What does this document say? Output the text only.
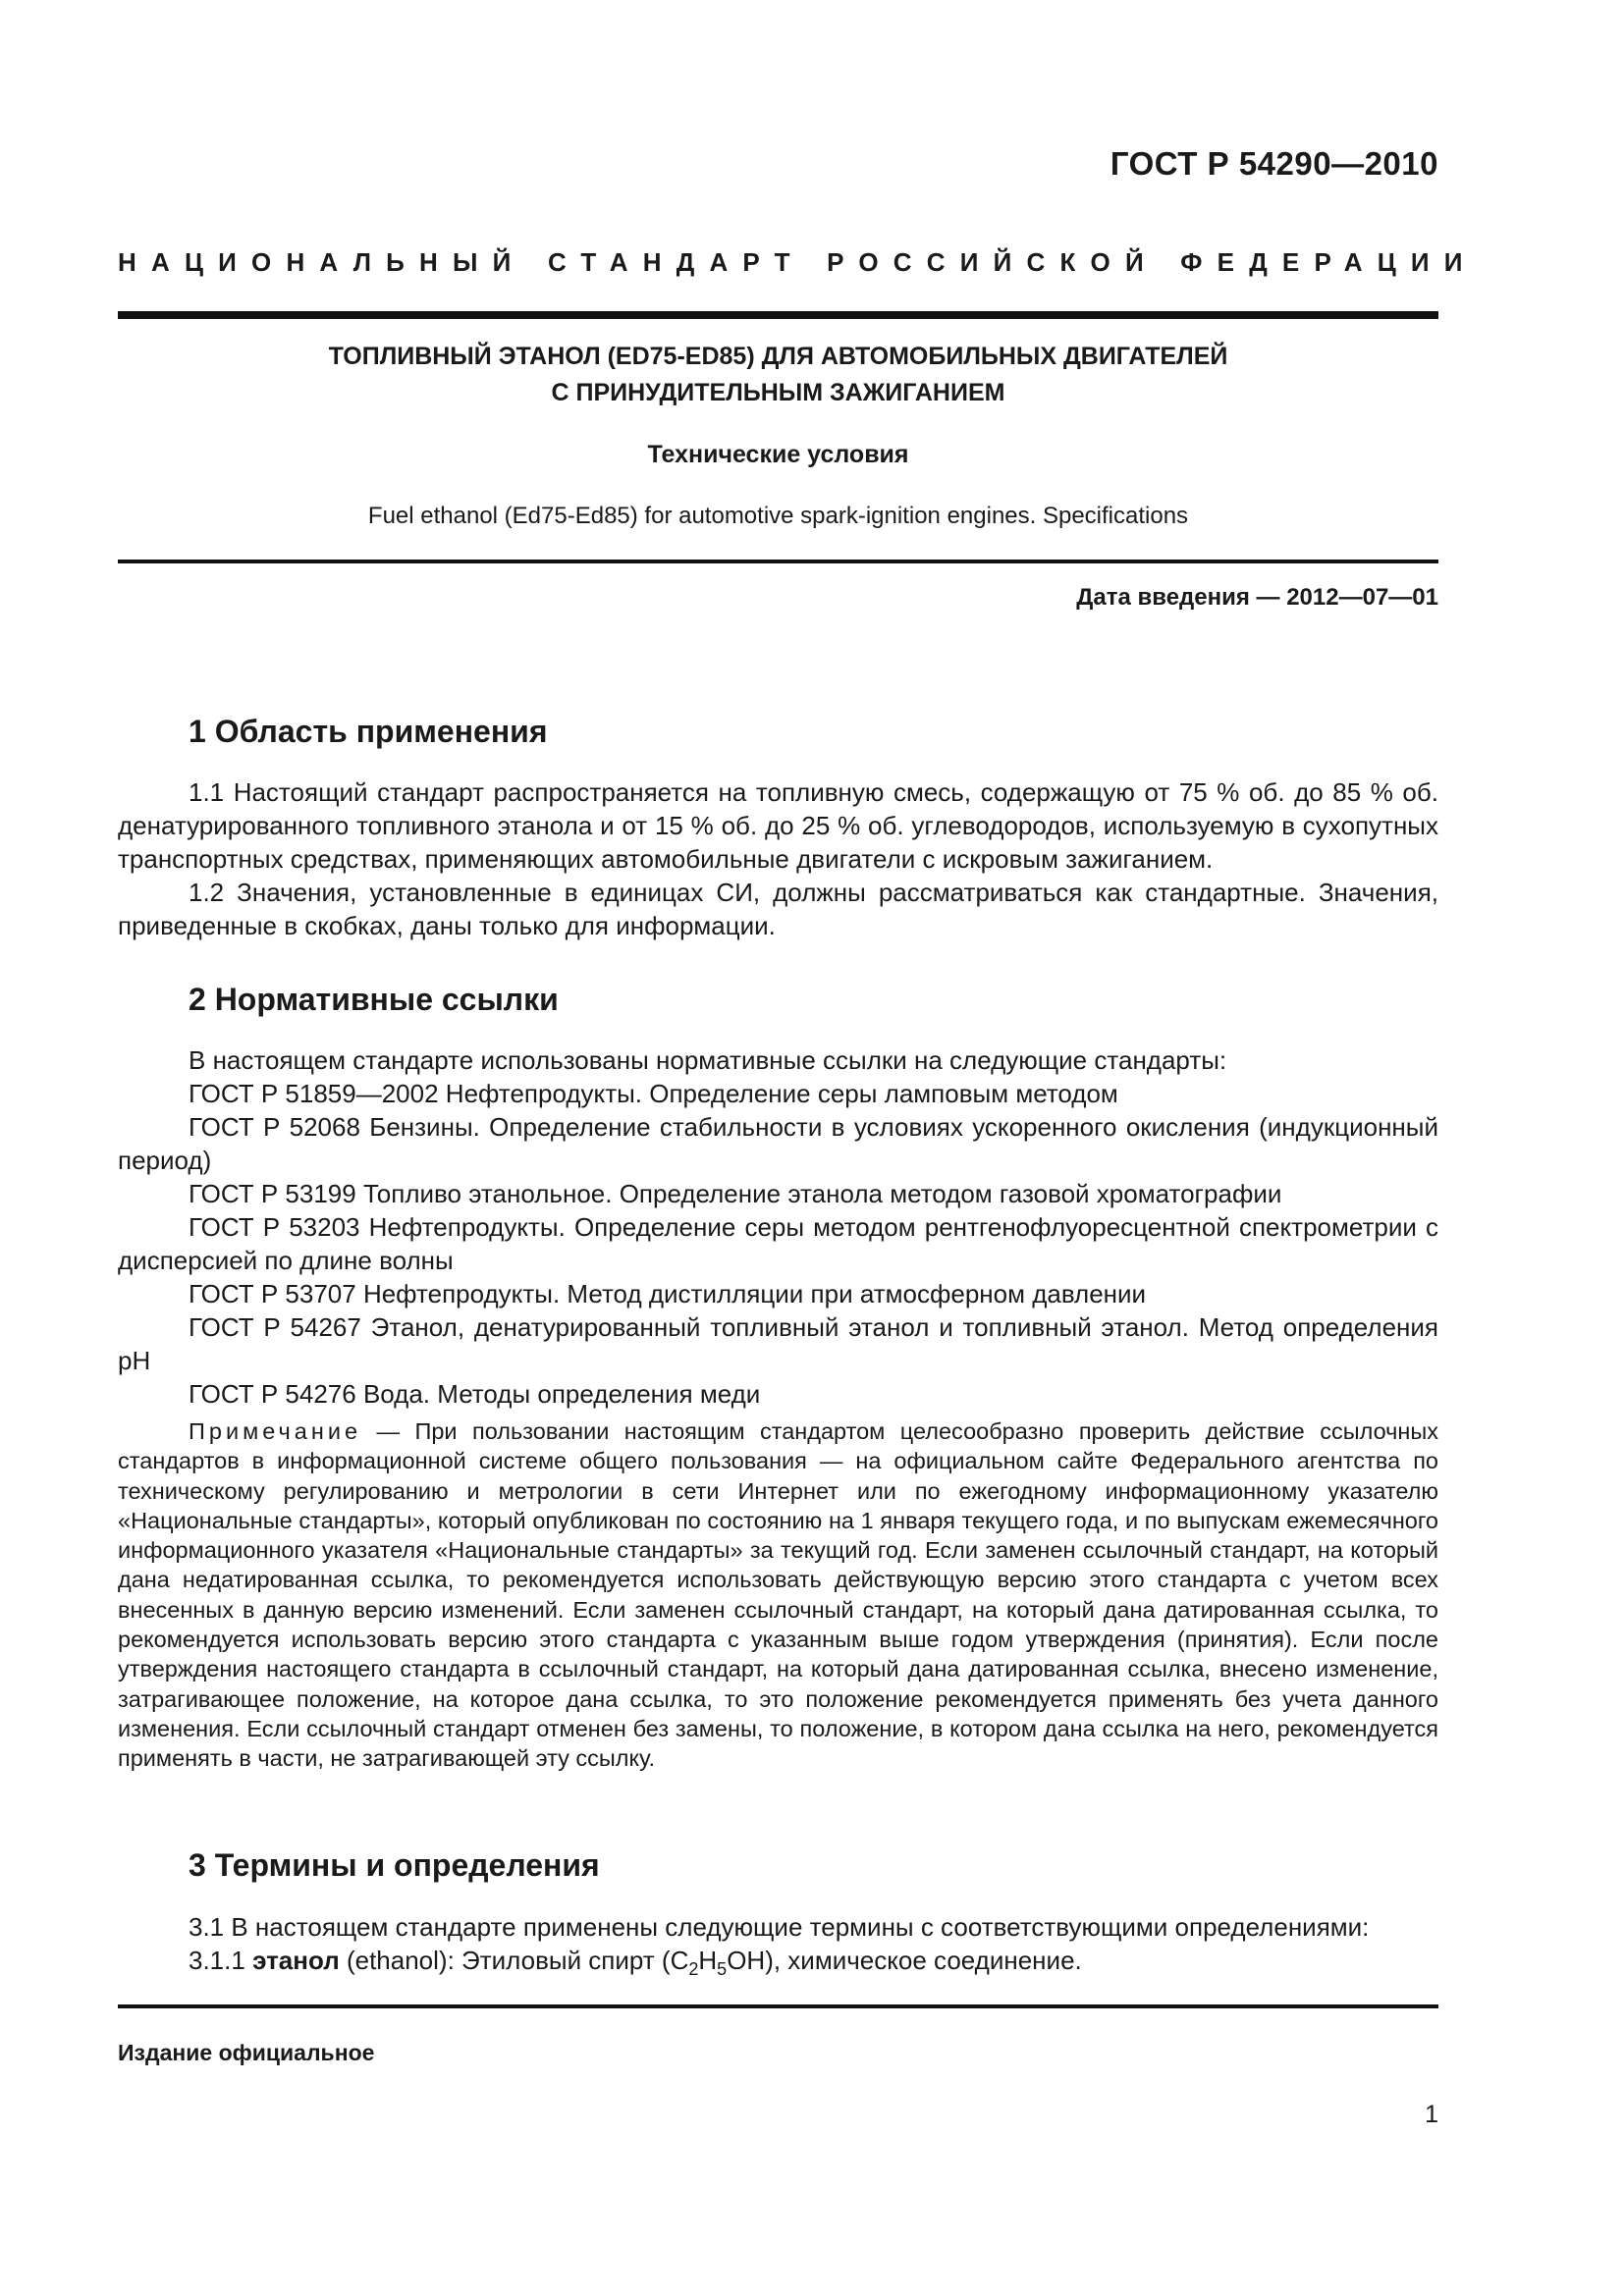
ГОСТ Р 54290—2010
НАЦИОНАЛЬНЫЙ СТАНДАРТ РОССИЙСКОЙ ФЕДЕРАЦИИ
ТОПЛИВНЫЙ ЭТАНОЛ (ED75-ED85) ДЛЯ АВТОМОБИЛЬНЫХ ДВИГАТЕЛЕЙ
С ПРИНУДИТЕЛЬНЫМ ЗАЖИГАНИЕМ
Технические условия
Fuel ethanol (Ed75-Ed85) for automotive spark-ignition engines. Specifications
Дата введения — 2012—07—01
1 Область применения

1.1 Настоящий стандарт распространяется на топливную смесь, содержащую от 75 % об. до 85 % об. денатурированного топливного этанола и от 15 % об. до 25 % об. углеводородов, используемую в сухопутных транспортных средствах, применяющих автомобильные двигатели с искровым зажиганием.

1.2 Значения, установленные в единицах СИ, должны рассматриваться как стандартные. Значения, приведенные в скобках, даны только для информации.

2 Нормативные ссылки
В настоящем стандарте использованы нормативные ссылки на следующие стандарты:
ГОСТ Р 51859—2002 Нефтепродукты. Определение серы ламповым методом

ГОСТ Р 52068 Бензины. Определение стабильности в условиях ускоренного окисления (индукционный период)

ГОСТ Р 53199 Топливо этанольное. Определение этанола методом газовой хроматографии

ГОСТ Р 53203 Нефтепродукты. Определение серы методом рентгенофлуоресцентной спектрометрии с дисперсией по длине волны

ГОСТ Р 53707 Нефтепродукты. Метод дистилляции при атмосферном давлении

ГОСТ Р 54267 Этанол, денатурированный топливный этанол и топливный этанол. Метод определения pH

ГОСТ Р 54276 Вода. Методы определения меди

Примечание — При пользовании настоящим стандартом целесообразно проверить действие ссылочных стандартов в информационной системе общего пользования — на официальном сайте Федерального агентства по техническому регулированию и метрологии в сети Интернет или по ежегодному информационному указателю «Национальные стандарты», который опубликован по состоянию на 1 января текущего года, и по выпускам ежемесячного информационного указателя «Национальные стандарты» за текущий год. Если заменен ссылочный стандарт, на который дана недатированная ссылка, то рекомендуется использовать действующую версию этого стандарта с учетом всех внесенных в данную версию изменений. Если заменен ссылочный стандарт, на который дана датированная ссылка, то рекомендуется использовать версию этого стандарта с указанным выше годом утверждения (принятия). Если после утверждения настоящего стандарта в ссылочный стандарт, на который дана датированная ссылка, внесено изменение, затрагивающее положение, на которое дана ссылка, то это положение рекомендуется применять без учета данного изменения. Если ссылочный стандарт отменен без замены, то положение, в котором дана ссылка на него, рекомендуется применять в части, не затрагивающей эту ссылку.

3 Термины и определения
3.1 В настоящем стандарте применены следующие термины с соответствующими определениями:
3.1.1 этанол (ethanol): Этиловый спирт $(C_2H_5OH)$, химическое соединение.
Издание официальное
1
